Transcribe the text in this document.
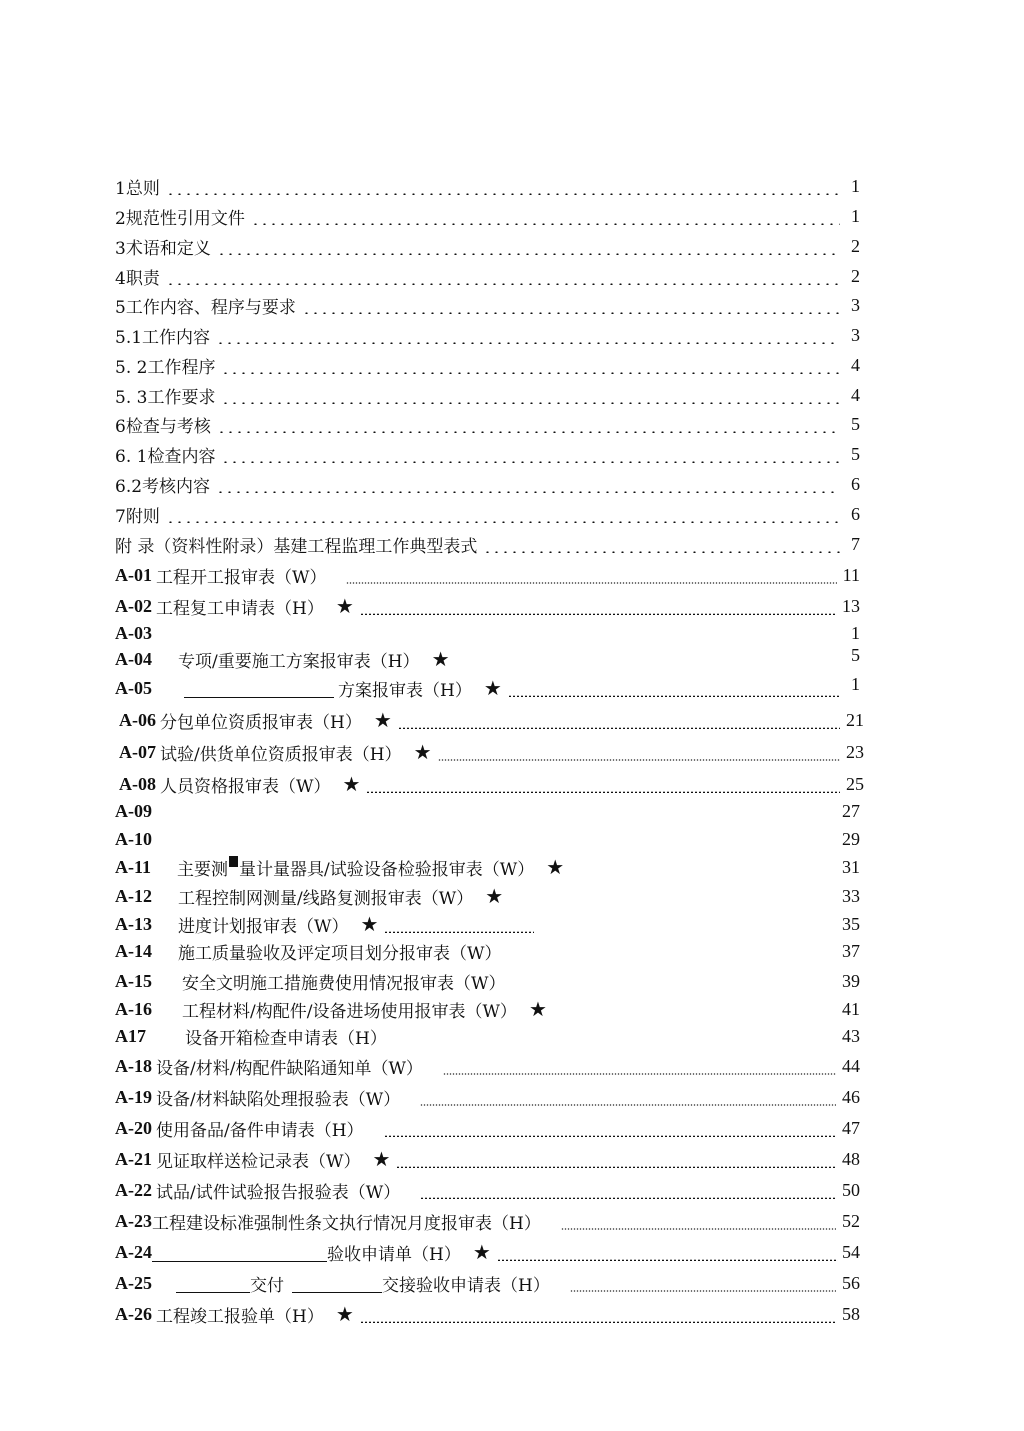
1总则	1
2规范性引用文件	1
3术语和定义	2
4职责	2
5工作内容、程序与要求	3
5.1工作内容	3
5. 2工作程序	4
5. 3工作要求	4
6检查与考核	5
6. 1检查内容	5
6.2考核内容	6
7附则	6
附 录（资料性附录）基建工程监理工作典型表式	7
A-01 工程开工报审表（W）	11
A-02 工程复工申请表（H） ★	13
A-03	1
A-04	专项/重要施工方案报审表（H） ★	5
A-05	方案报审表（H） ★	1
A-06 分包单位资质报审表（H） ★	21
A-07 试验/供货单位资质报审表（H） ★	23
A-08 人员资格报审表（W） ★	25
A-09	27
A-10	29
A-11	主要测 量计量器具/试验设备检验报审表（W） ★	31
A-12	工程控制网测量/线路复测报审表（W） ★	33
A-13	进度计划报审表（W） ★	35
A-14	施工质量验收及评定项目划分报审表（W）	37
A-15	安全文明施工措施费使用情况报审表（W）	39
A-16	工程材料/构配件/设备进场使用报审表（W） ★	41
A17	设备开箱检查申请表（H）	43
A-18 设备/材料/构配件缺陷通知单（W）	44
A-19 设备/材料缺陷处理报验表（W）	46
A-20 使用备品/备件申请表（H）	47
A-21 见证取样送检记录表（W） ★	48
A-22 试品/试件试验报告报验表（W）	50
A-23 工程建设标准强制性条文执行情况月度报审表（H）	52
A-24	验收申请单（H） ★	54
A-25	交付	交接验收申请表（H）	56
A-26 工程竣工报验单（H） ★	58
